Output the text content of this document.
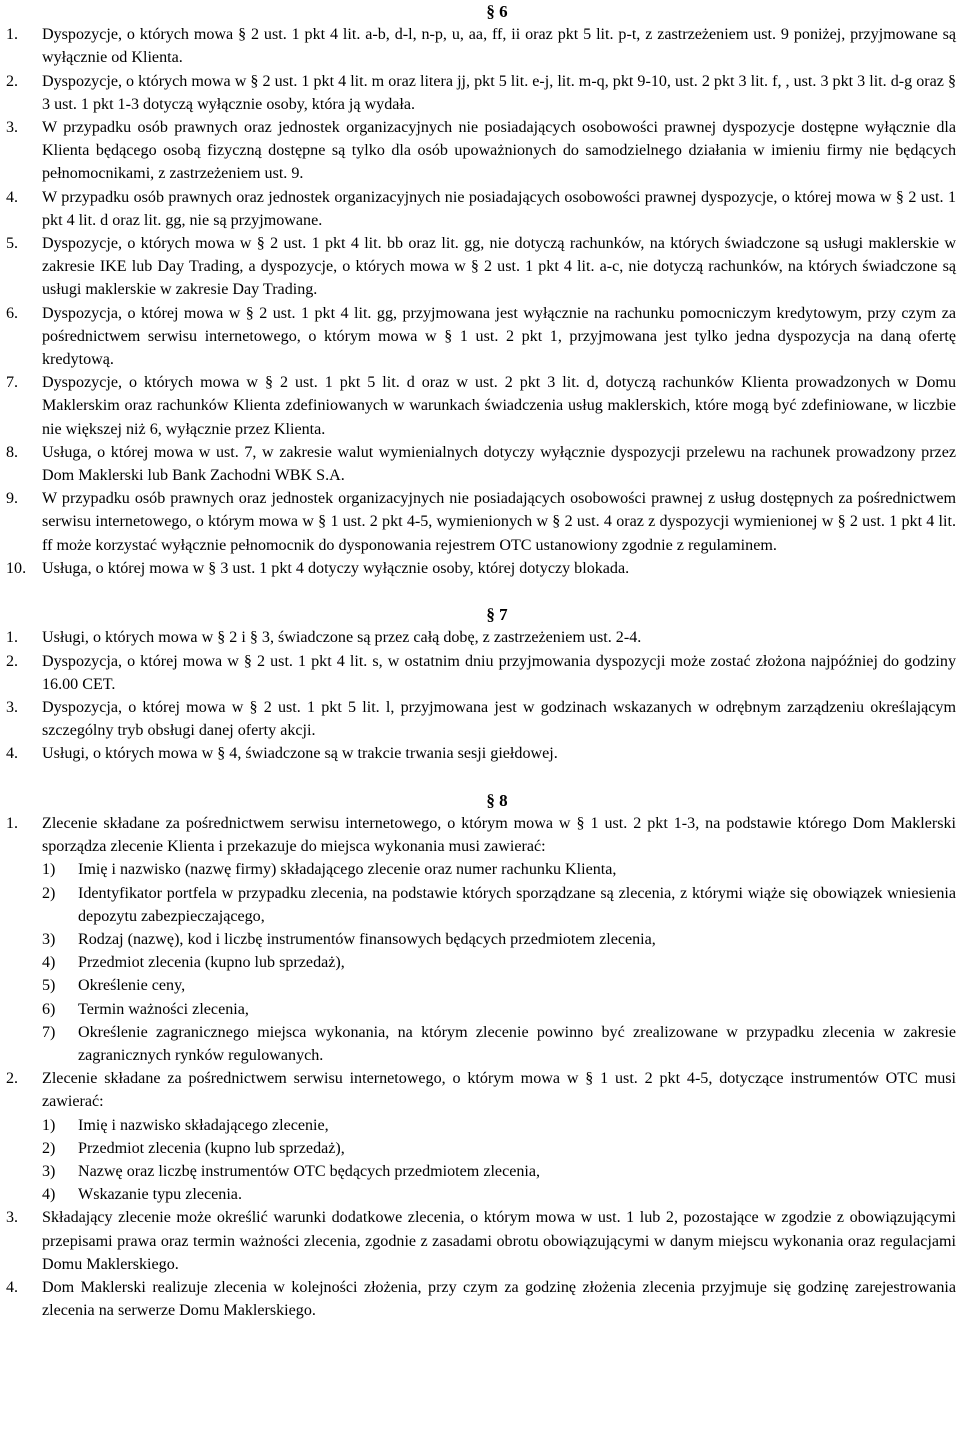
§ 6
1. Dyspozycje, o których mowa § 2 ust. 1 pkt 4 lit. a-b, d-l, n-p, u, aa, ff, ii oraz pkt 5 lit. p-t, z zastrzeżeniem ust. 9 poniżej, przyjmowane są wyłącznie od Klienta.
2. Dyspozycje, o których mowa w § 2 ust. 1 pkt 4 lit. m oraz litera jj, pkt 5 lit. e-j, lit. m-q, pkt 9-10, ust. 2 pkt 3 lit. f, , ust. 3 pkt 3 lit. d-g oraz § 3 ust. 1 pkt 1-3 dotyczą wyłącznie osoby, która ją wydała.
3. W przypadku osób prawnych oraz jednostek organizacyjnych nie posiadających osobowości prawnej dyspozycje dostępne wyłącznie dla Klienta będącego osobą fizyczną dostępne są tylko dla osób upoważnionych do samodzielnego działania w imieniu firmy nie będących pełnomocnikami, z zastrzeżeniem ust. 9.
4. W przypadku osób prawnych oraz jednostek organizacyjnych nie posiadających osobowości prawnej dyspozycje, o której mowa w § 2 ust. 1 pkt 4 lit. d oraz lit. gg, nie są przyjmowane.
5. Dyspozycje, o których mowa w § 2 ust. 1 pkt 4 lit. bb oraz lit. gg, nie dotyczą rachunków, na których świadczone są usługi maklerskie w zakresie IKE lub Day Trading, a dyspozycje, o których mowa w § 2 ust. 1 pkt 4 lit. a-c, nie dotyczą rachunków, na których świadczone są usługi maklerskie w zakresie Day Trading.
6. Dyspozycja, o której mowa w § 2 ust. 1 pkt 4 lit. gg, przyjmowana jest wyłącznie na rachunku pomocniczym kredytowym, przy czym za pośrednictwem serwisu internetowego, o którym mowa w § 1 ust. 2 pkt 1, przyjmowana jest tylko jedna dyspozycja na daną ofertę kredytową.
7. Dyspozycje, o których mowa w § 2 ust. 1 pkt 5 lit. d oraz w ust. 2 pkt 3 lit. d, dotyczą rachunków Klienta prowadzonych w Domu Maklerskim oraz rachunków Klienta zdefiniowanych w warunkach świadczenia usług maklerskich, które mogą być zdefiniowane, w liczbie nie większej niż 6, wyłącznie przez Klienta.
8. Usługa, o której mowa w ust. 7, w zakresie walut wymienialnych dotyczy wyłącznie dyspozycji przelewu na rachunek prowadzony przez Dom Maklerski lub Bank Zachodni WBK S.A.
9. W przypadku osób prawnych oraz jednostek organizacyjnych nie posiadających osobowości prawnej z usług dostępnych za pośrednictwem serwisu internetowego, o którym mowa w § 1 ust. 2 pkt 4-5, wymienionych w § 2 ust. 4 oraz z dyspozycji wymienionej w § 2 ust. 1 pkt 4 lit. ff może korzystać wyłącznie pełnomocnik do dysponowania rejestrem OTC ustanowiony zgodnie z regulaminem.
10. Usługa, o której mowa w § 3 ust. 1 pkt 4 dotyczy wyłącznie osoby, której dotyczy blokada.
§ 7
1. Usługi, o których mowa w § 2 i § 3, świadczone są przez całą dobę, z zastrzeżeniem ust. 2-4.
2. Dyspozycja, o której mowa w § 2 ust. 1 pkt 4 lit. s, w ostatnim dniu przyjmowania dyspozycji może zostać złożona najpóźniej do godziny 16.00 CET.
3. Dyspozycja, o której mowa w § 2 ust. 1 pkt 5 lit. l, przyjmowana jest w godzinach wskazanych w odrębnym zarządzeniu określającym szczególny tryb obsługi danej oferty akcji.
4. Usługi, o których mowa w § 4, świadczone są w trakcie trwania sesji giełdowej.
§ 8
1. Zlecenie składane za pośrednictwem serwisu internetowego, o którym mowa w § 1 ust. 2 pkt 1-3, na podstawie którego Dom Maklerski sporządza zlecenie Klienta i przekazuje do miejsca wykonania musi zawierać:
1) Imię i nazwisko (nazwę firmy) składającego zlecenie oraz numer rachunku Klienta,
2) Identyfikator portfela w przypadku zlecenia, na podstawie których sporządzane są zlecenia, z którymi wiąże się obowiązek wniesienia depozytu zabezpieczającego,
3) Rodzaj (nazwę), kod i liczbę instrumentów finansowych będących przedmiotem zlecenia,
4) Przedmiot zlecenia (kupno lub sprzedaż),
5) Określenie ceny,
6) Termin ważności zlecenia,
7) Określenie zagranicznego miejsca wykonania, na którym zlecenie powinno być zrealizowane w przypadku zlecenia w zakresie zagranicznych rynków regulowanych.
2. Zlecenie składane za pośrednictwem serwisu internetowego, o którym mowa w § 1 ust. 2 pkt 4-5, dotyczące instrumentów OTC musi zawierać:
1) Imię i nazwisko składającego zlecenie,
2) Przedmiot zlecenia (kupno lub sprzedaż),
3) Nazwę oraz liczbę instrumentów OTC będących przedmiotem zlecenia,
4) Wskazanie typu zlecenia.
3. Składający zlecenie może określić warunki dodatkowe zlecenia, o którym mowa w ust. 1 lub 2, pozostające w zgodzie z obowiązującymi przepisami prawa oraz termin ważności zlecenia, zgodnie z zasadami obrotu obowiązującymi w danym miejscu wykonania oraz regulacjami Domu Maklerskiego.
4. Dom Maklerski realizuje zlecenia w kolejności złożenia, przy czym za godzinę złożenia zlecenia przyjmuje się godzinę zarejestrowania zlecenia na serwerze Domu Maklerskiego.
